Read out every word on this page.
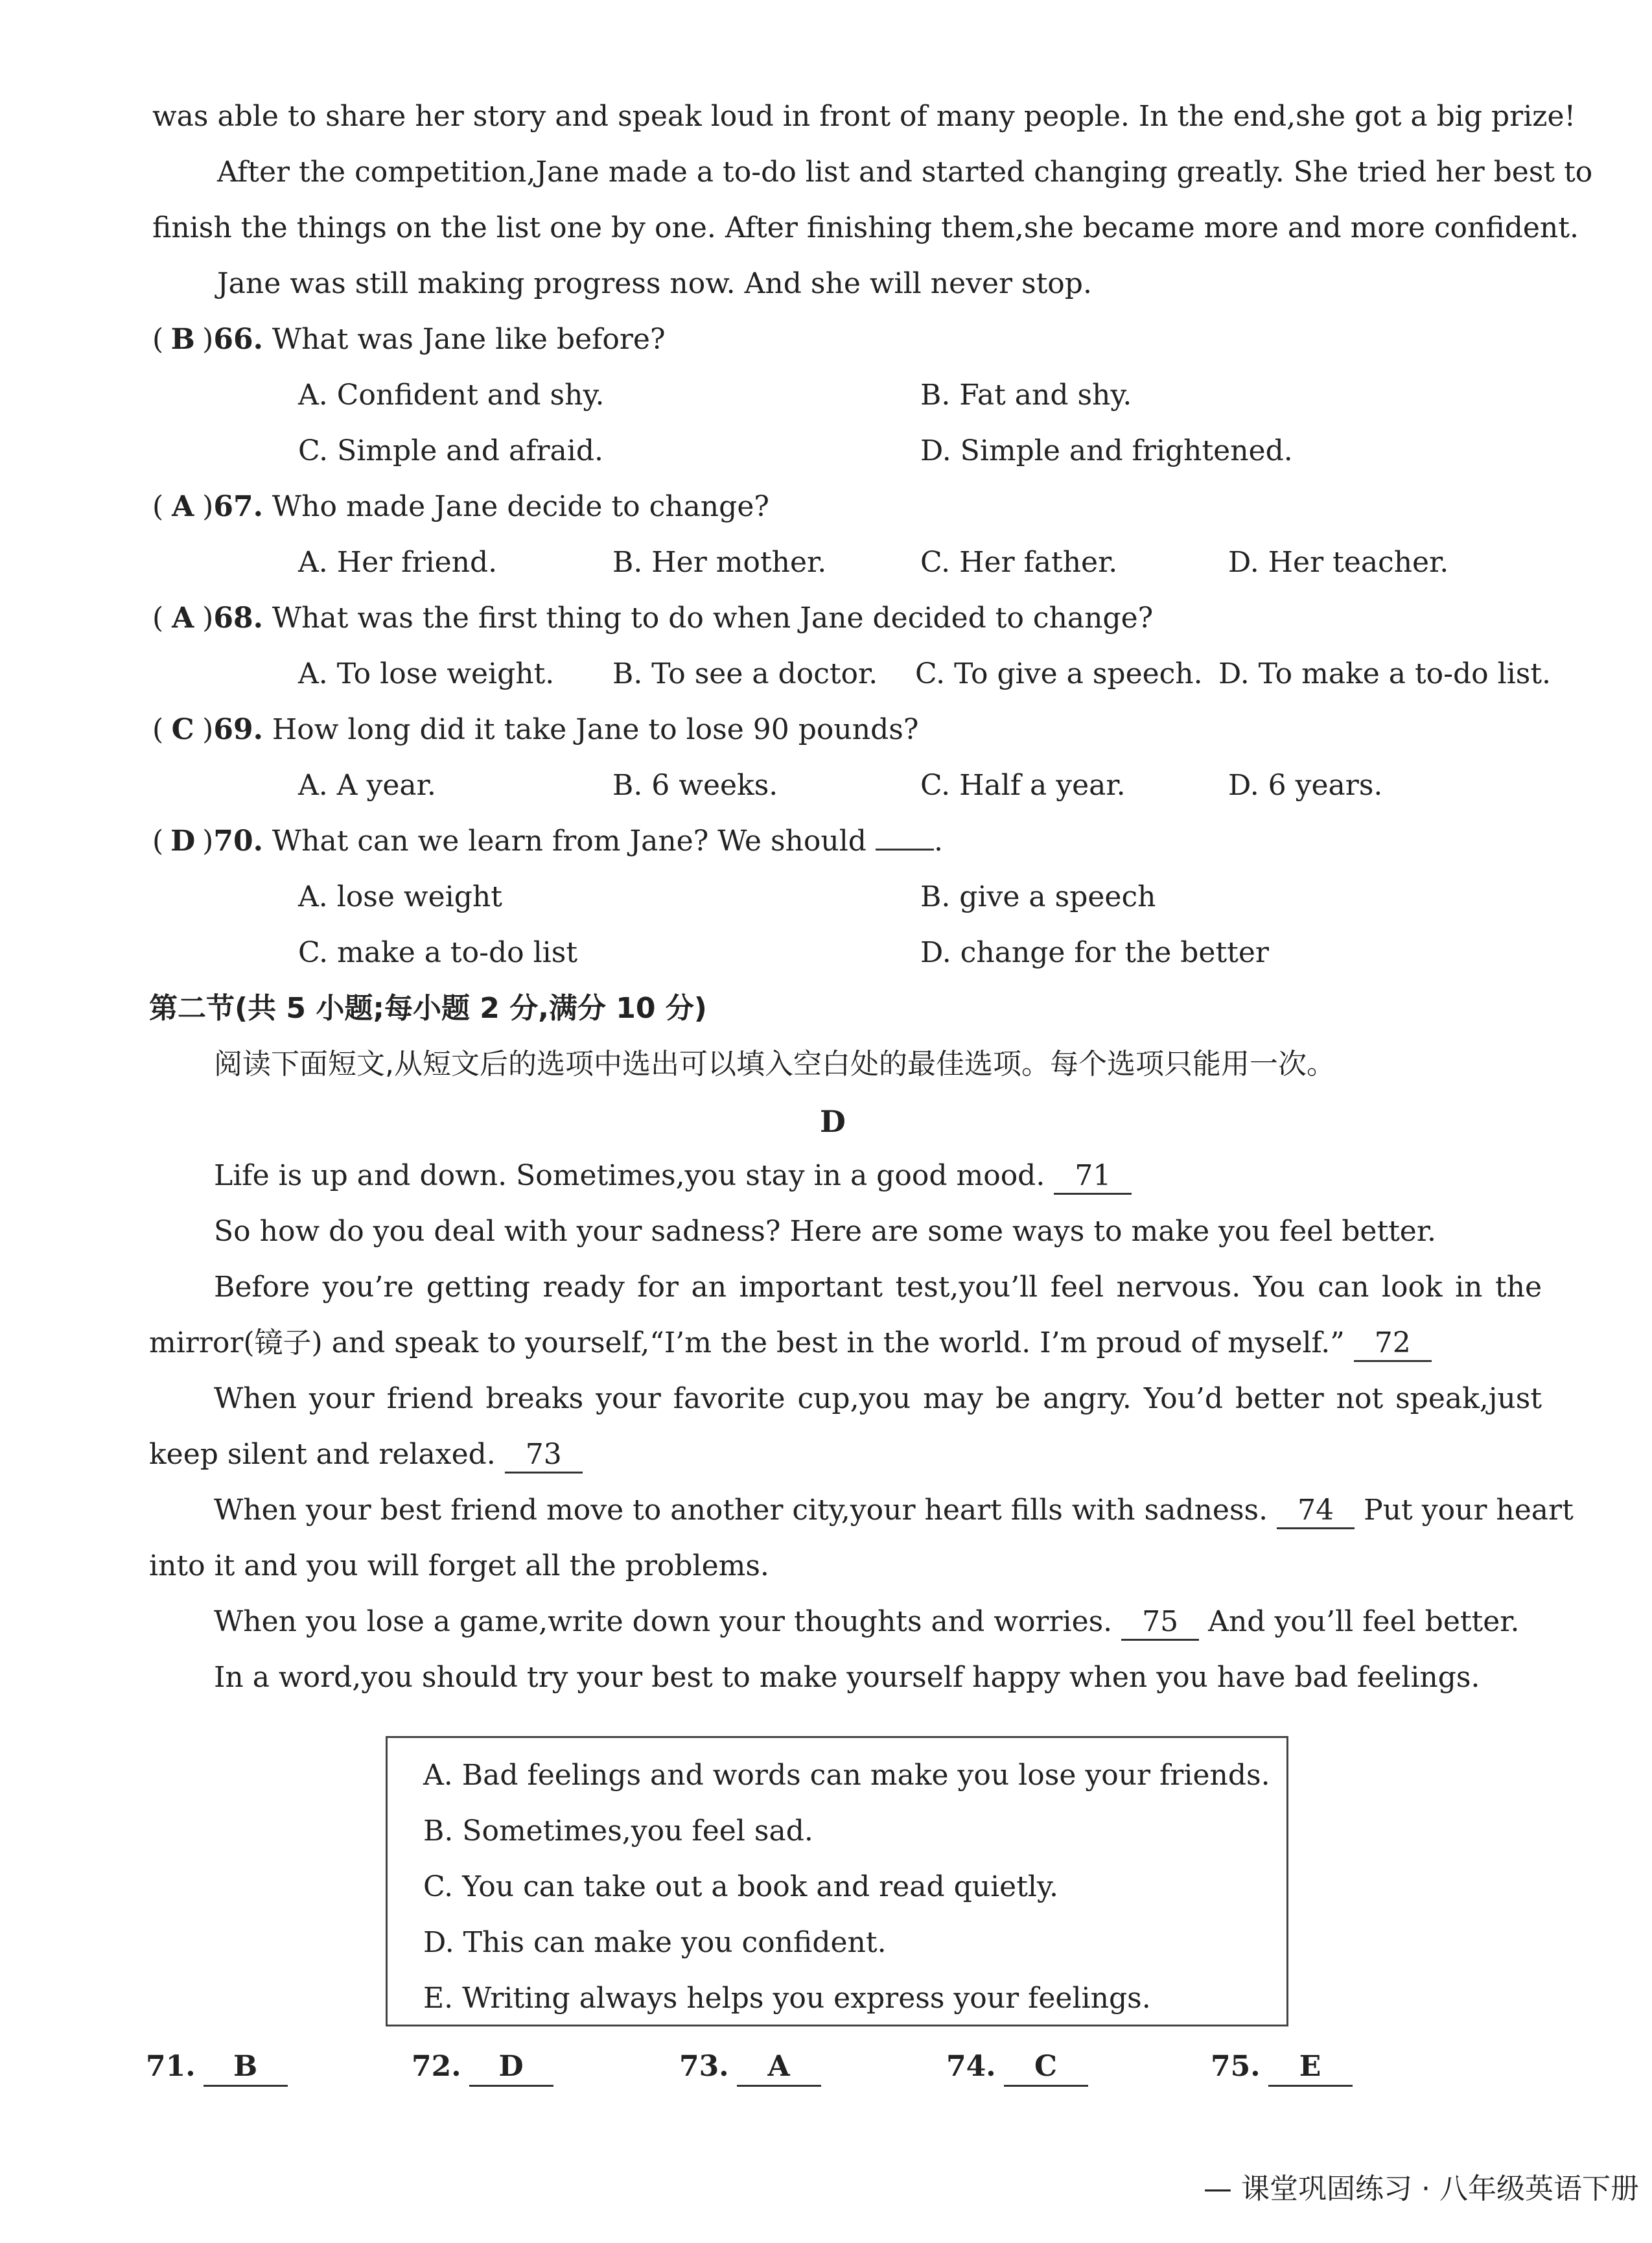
was able to share her story and speak loud in front of many people. In the end,she got a big prize!
After the competition,Jane made a to-do list and started changing greatly. She tried her best to
finish the things on the list one by one. After finishing them,she became more and more confident.
Jane was still making progress now. And she will never stop.
( B )66. What was Jane like before?
A. Confident and shy.	B. Fat and shy.
C. Simple and afraid.	D. Simple and frightened.
( A )67. Who made Jane decide to change?
A. Her friend.	B. Her mother.	C. Her father.	D. Her teacher.
( A )68. What was the first thing to do when Jane decided to change?
A. To lose weight. B. To see a doctor. C. To give a speech. D. To make a to-do list.
( C )69. How long did it take Jane to lose 90 pounds?
A. A year.	B. 6 weeks.	C. Half a year.	D. 6 years.
( D )70. What can we learn from Jane? We should .
A. lose weight	B. give a speech
C. make a to-do list	D. change for the better
第二节(共 5 小题;每小题 2 分,满分 10 分)
阅读下面短文,从短文后的选项中选出可以填入空白处的最佳选项。每个选项只能用一次。
D
Life is up and down. Sometimes,you stay in a good mood. 71
So how do you deal with your sadness? Here are some ways to make you feel better.
Before you’re getting ready for an important test,you’ll feel nervous. You can look in the
mirror(镜子) and speak to yourself,“I’m the best in the world. I’m proud of myself.” 72
When your friend breaks your favorite cup,you may be angry. You’d better not speak,just
keep silent and relaxed. 73
When your best friend move to another city,your heart fills with sadness. 74 Put your heart
into it and you will forget all the problems.
When you lose a game,write down your thoughts and worries. 75 And you’ll feel better.
In a word,you should try your best to make yourself happy when you have bad feelings.
A. Bad feelings and words can make you lose your friends.
B. Sometimes,you feel sad.
C. You can take out a book and read quietly.
D. This can make you confident.
E. Writing always helps you express your feelings.
71. B	72. D	73. A	74. C	75. E
— 课堂巩固练习 · 八年级英语下册
